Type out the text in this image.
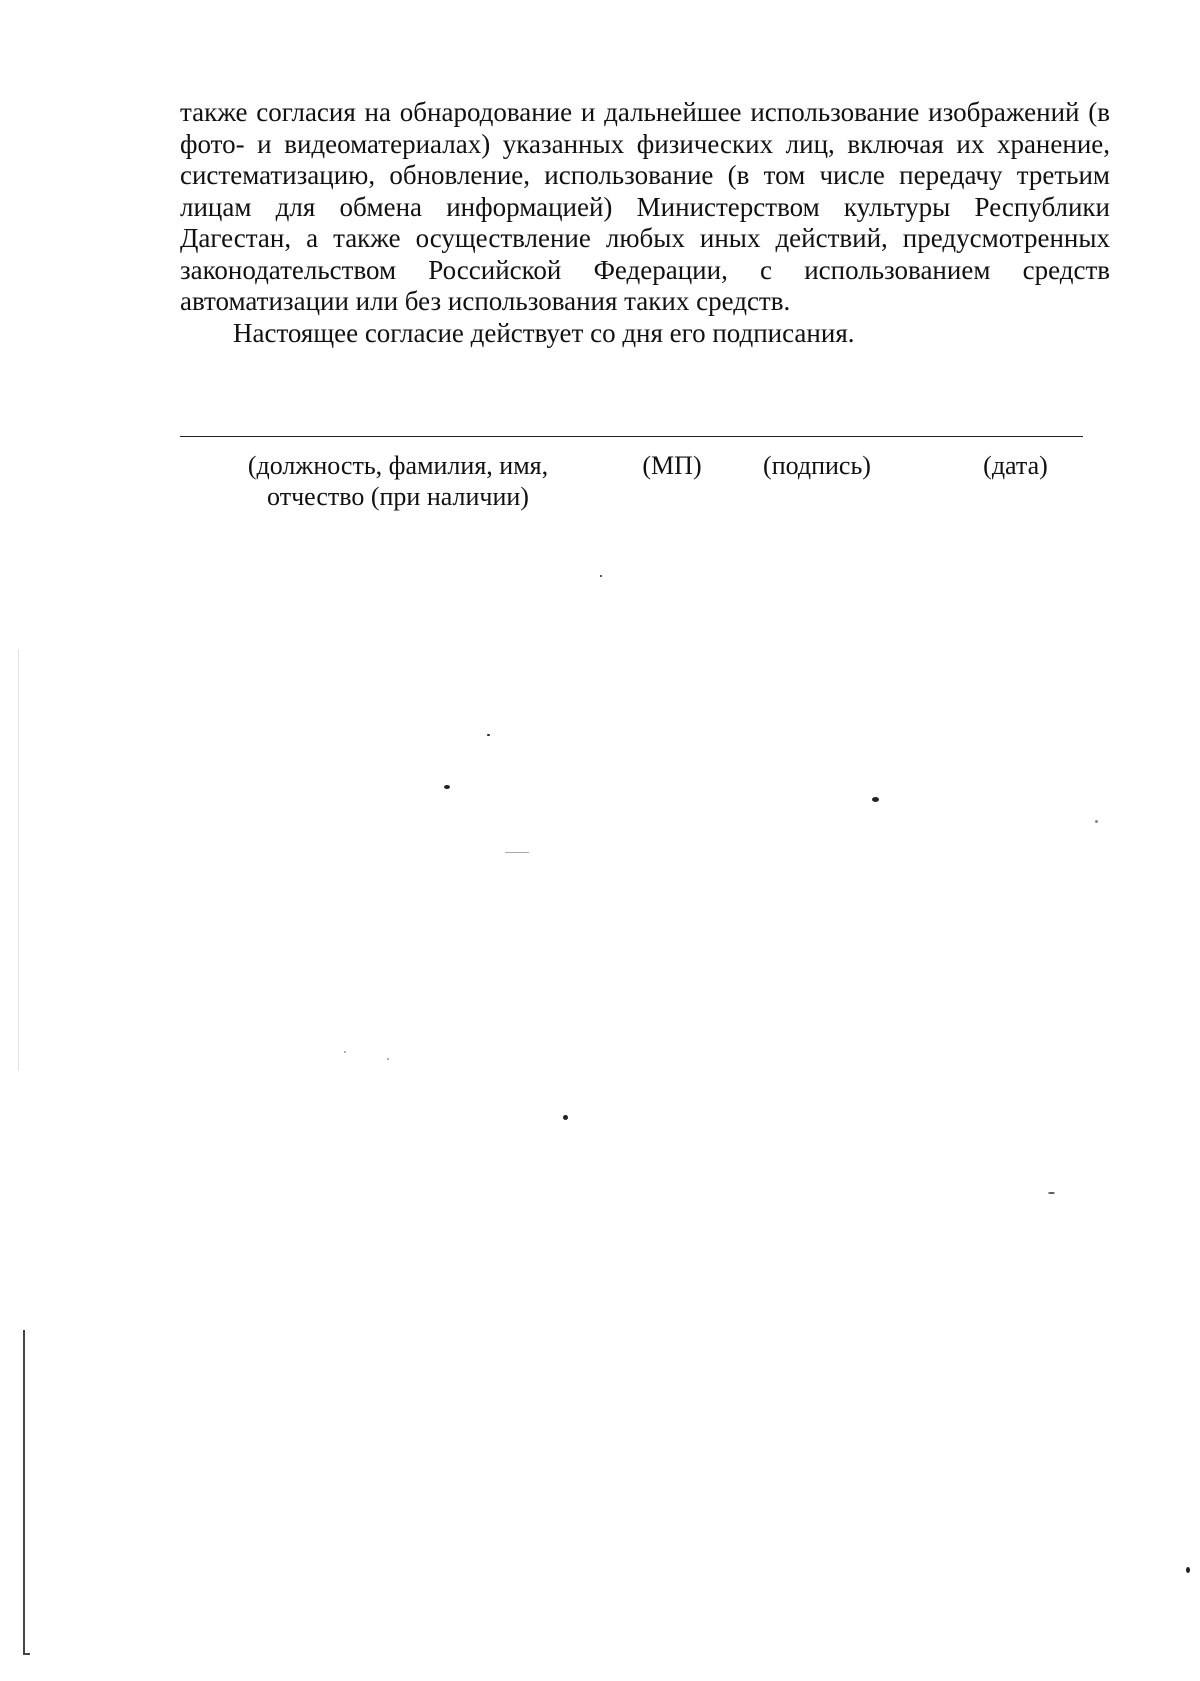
также согласия на обнародование и дальнейшее использование изображений (в фото- и видеоматериалах) указанных физических лиц, включая их хранение, систематизацию, обновление, использование (в том числе передачу третьим лицам для обмена информацией) Министерством культуры Республики Дагестан, а также осуществление любых иных действий, предусмотренных законодательством Российской Федерации, с использованием средств автоматизации или без использования таких средств.

Настоящее согласие действует со дня его подписания.

(должность, фамилия, имя,
отчество (при наличии)
(МП)	(подпись)	(дата)
